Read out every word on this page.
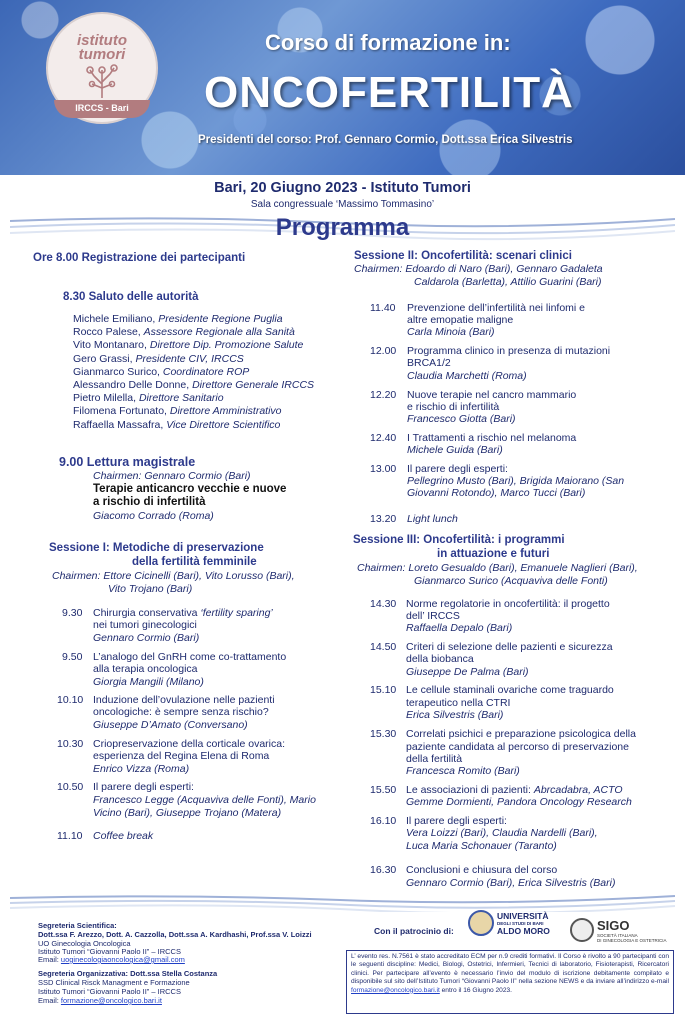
istituto
tumori
IRCCS - Bari
Corso di formazione in:
ONCOFERTILITÀ
Presidenti del corso: Prof. Gennaro Cormio, Dott.ssa Erica Silvestris
Bari, 20 Giugno 2023 - Istituto Tumori
Sala congressuale ‘Massimo Tommasino’
Programma
Ore 8.00 Registrazione dei partecipanti
8.30 Saluto delle autorità
Michele Emiliano, Presidente Regione Puglia
Rocco Palese, Assessore Regionale alla Sanità
Vito Montanaro, Direttore Dip. Promozione Salute
Gero Grassi, Presidente CIV, IRCCS
Gianmarco Surico, Coordinatore ROP
Alessandro Delle Donne, Direttore Generale IRCCS
Pietro Milella, Direttore Sanitario
Filomena Fortunato, Direttore Amministrativo
Raffaella Massafra, Vice Direttore Scientifico
9.00 Lettura magistrale
Chairmen: Gennaro Cormio (Bari)
Terapie anticancro vecchie e nuove
a rischio di infertilità
Giacomo Corrado (Roma)
Sessione I: Metodiche di preservazione
della fertilità femminile
Chairmen: Ettore Cicinelli (Bari), Vito Lorusso (Bari),
Vito Trojano (Bari)
9.30 Chirurgia conservativa ‘fertility sparing’
nei tumori ginecologici
Gennaro Cormio (Bari)
9.50 L’analogo del GnRH come co-trattamento
alla terapia oncologica
Giorgia Mangili (Milano)
10.10 Induzione dell’ovulazione nelle pazienti
oncologiche: è sempre senza rischio?
Giuseppe D’Amato (Conversano)
10.30 Criopreservazione della corticale ovarica:
esperienza del Regina Elena di Roma
Enrico Vizza (Roma)
10.50 Il parere degli esperti:
Francesco Legge (Acquaviva delle Fonti), Mario
Vicino (Bari), Giuseppe Trojano (Matera)
11.10 Coffee break
Sessione II: Oncofertilità: scenari clinici
Chairmen: Edoardo di Naro (Bari), Gennaro Gadaleta
Caldarola (Barletta), Attilio Guarini (Bari)
11.40 Prevenzione dell’infertilità nei linfomi e
altre emopatie maligne
Carla Minoia (Bari)
12.00 Programma clinico in presenza di mutazioni
BRCA1/2
Claudia Marchetti (Roma)
12.20 Nuove terapie nel cancro mammario
e rischio di infertilità
Francesco Giotta (Bari)
12.40 I Trattamenti a rischio nel melanoma
Michele Guida (Bari)
13.00 Il parere degli esperti:
Pellegrino Musto (Bari), Brigida Maiorano (San
Giovanni Rotondo), Marco Tucci (Bari)
13.20 Light lunch
Sessione III: Oncofertilità: i programmi
in attuazione e futuri
Chairmen: Loreto Gesualdo (Bari), Emanuele Naglieri (Bari),
Gianmarco Surico (Acquaviva delle Fonti)
14.30 Norme regolatorie in oncofertilità: il progetto
dell’ IRCCS
Raffaella Depalo (Bari)
14.50 Criteri di selezione delle pazienti e sicurezza
della biobanca
Giuseppe De Palma (Bari)
15.10 Le cellule staminali ovariche come traguardo
terapeutico nella CTRI
Erica Silvestris (Bari)
15.30 Correlati psichici e preparazione psicologica della
paziente candidata al percorso di preservazione
della fertilità
Francesca Romito (Bari)
15.50 Le associazioni di pazienti: Abrcadabra, ACTO
Gemme Dormienti, Pandora Oncology Research
16.10 Il parere degli esperti:
Vera Loizzi (Bari), Claudia Nardelli (Bari),
Luca Maria Schonauer (Taranto)
16.30 Conclusioni e chiusura del corso
Gennaro Cormio (Bari), Erica Silvestris (Bari)
Segreteria Scientifica:
Dott.ssa F. Arezzo, Dott. A. Cazzolla, Dott.ssa A. Kardhashi, Prof.ssa V. Loizzi
UO Ginecologia Oncologica
Istituto Tumori “Giovanni Paolo II” – IRCCS
Email: uoginecologiaoncologica@gmail.com
Segreteria Organizzativa: Dott.ssa Stella Costanza
SSD Clinical Risck Managment e Formazione
Istituto Tumori “Giovanni Paolo II” – IRCCS
Email: formazione@oncologico.bari.it
Con il patrocinio di:
UNIVERSITÀ
DEGLI STUDI DI BARI
ALDO MORO	SIGO
SOCIETÀ ITALIANA
DI GINECOLOGIA E OSTETRICIA
L’ evento res. N.7561 è stato accreditato ECM per n.9 crediti formativi. Il Corso è rivolto a 90 partecipanti con le seguenti discipline: Medici, Biologi, Ostetrici, Infermieri, Tecnici di laboratorio, Fisioterapisti, Ricercatori clinici. Per partecipare all’evento è necessario l’invio del modulo di iscrizione debitamente compilato e disponibile sul sito dell’Istituto Tumori “Giovanni Paolo II” nella sezione NEWS e da inviare all’indirizzo e-mail formazione@oncologico.bari.it entro il 16 Giugno 2023.
